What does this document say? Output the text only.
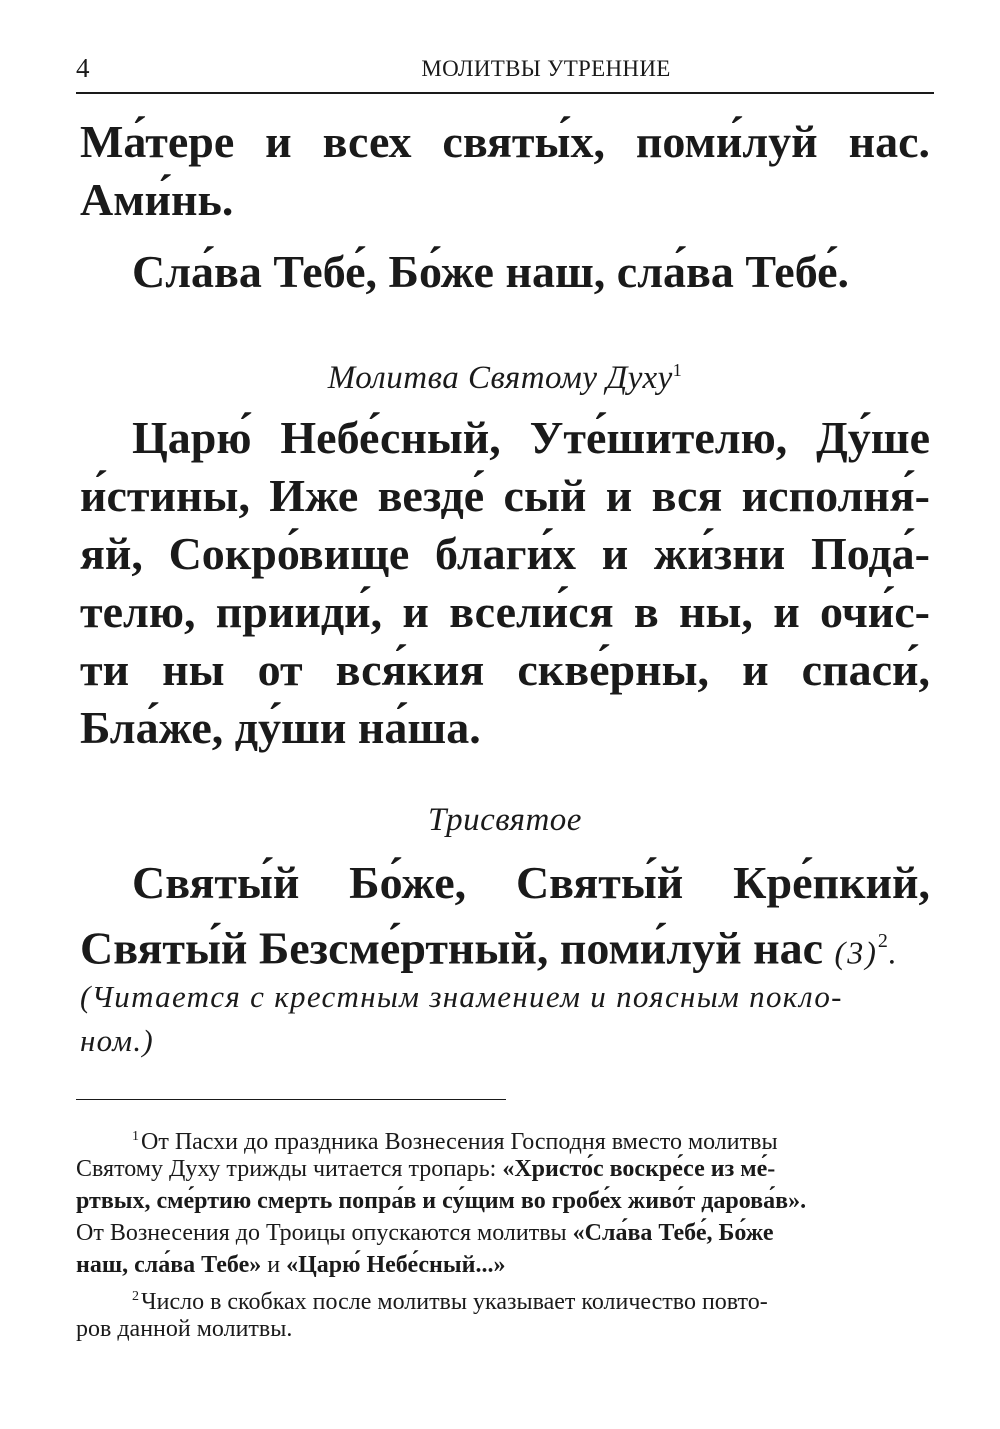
4	МОЛИТВЫ УТРЕННИЕ
Ма́тере и всех святы́х, поми́луй нас.
Ами́нь.
Сла́ва Тебе́, Бо́же наш, сла́ва Тебе́.
Молитва Святому Духу$^1$
Царю́ Небе́сный, Уте́шителю, Ду́ше
и́стины, Иже везде́ сый и вся исполня́-
яй, Сокро́вище благи́х и жи́зни Пода́-
телю, прииди́, и всели́ся в ны, и очи́с-
ти ны от вся́кия скве́рны, и спаси́,
Бла́же, ду́ши на́ша.
Трисвятое
Святы́й Бо́же, Святы́й Кре́пкий,
Святы́й Безсме́ртный, поми́луй нас $(3)^2$.
(Читается с крестным знамением и поясным покло-
ном.)
$^1$От Пасхи до праздника Вознесения Господня вместо молитвы
Святому Духу трижды читается тропарь: «Христо́с воскре́се из ме́-
ртвых, сме́ртию смерть попра́в и су́щим во гробе́х живо́т дарова́в».
От Вознесения до Троицы опускаются молитвы «Сла́ва Тебе́, Бо́же
наш, сла́ва Тебе» и «Царю́ Небе́сный...»
$^2$Число в скобках после молитвы указывает количество повто-
ров данной молитвы.
